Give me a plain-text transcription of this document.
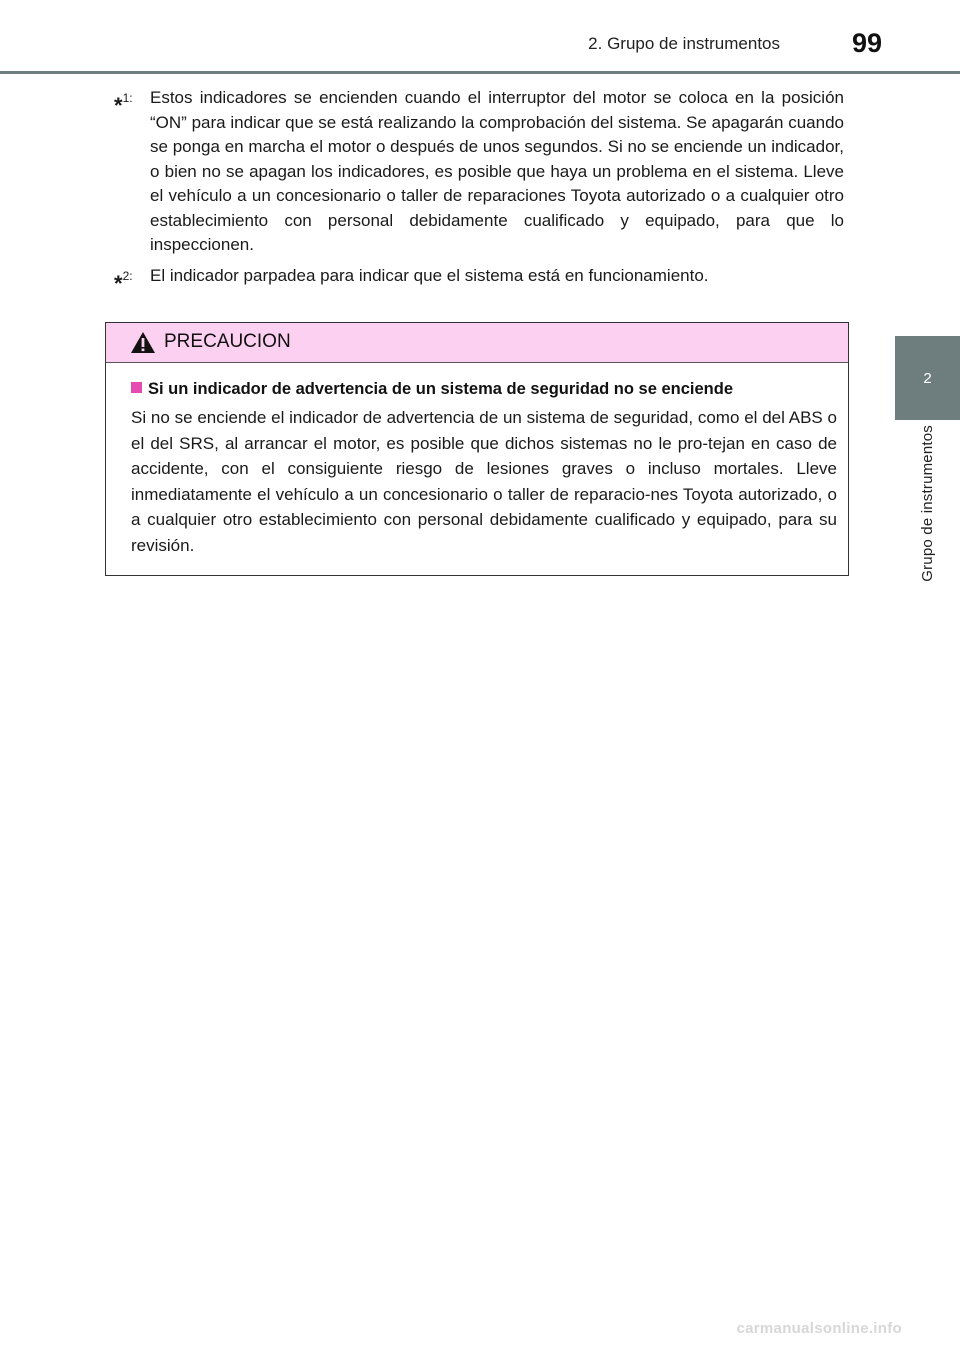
2. Grupo de instrumentos	99
2
Grupo de instrumentos
*$^{1:}$	Estos indicadores se encienden cuando el interruptor del motor se coloca en la posición “ON” para indicar que se está realizando la comprobación del sistema. Se apagarán cuando se ponga en marcha el motor o después de unos segundos. Si no se enciende un indicador, o bien no se apagan los indicadores, es posible que haya un problema en el sistema. Lleve el vehículo a un concesionario o taller de reparaciones Toyota autorizado o a cualquier otro establecimiento con personal debidamente cualificado y equipado, para que lo inspeccionen.
*$^{2:}$	El indicador parpadea para indicar que el sistema está en funcionamiento.
PRECAUCION
Si un indicador de advertencia de un sistema de seguridad no se enciende

Si no se enciende el indicador de advertencia de un sistema de seguridad, como el del ABS o el del SRS, al arrancar el motor, es posible que dichos sistemas no le pro-tejan en caso de accidente, con el consiguiente riesgo de lesiones graves o incluso mortales. Lleve inmediatamente el vehículo a un concesionario o taller de reparacio-nes Toyota autorizado, o a cualquier otro establecimiento con personal debidamente cualificado y equipado, para su revisión.

carmanualsonline.info
